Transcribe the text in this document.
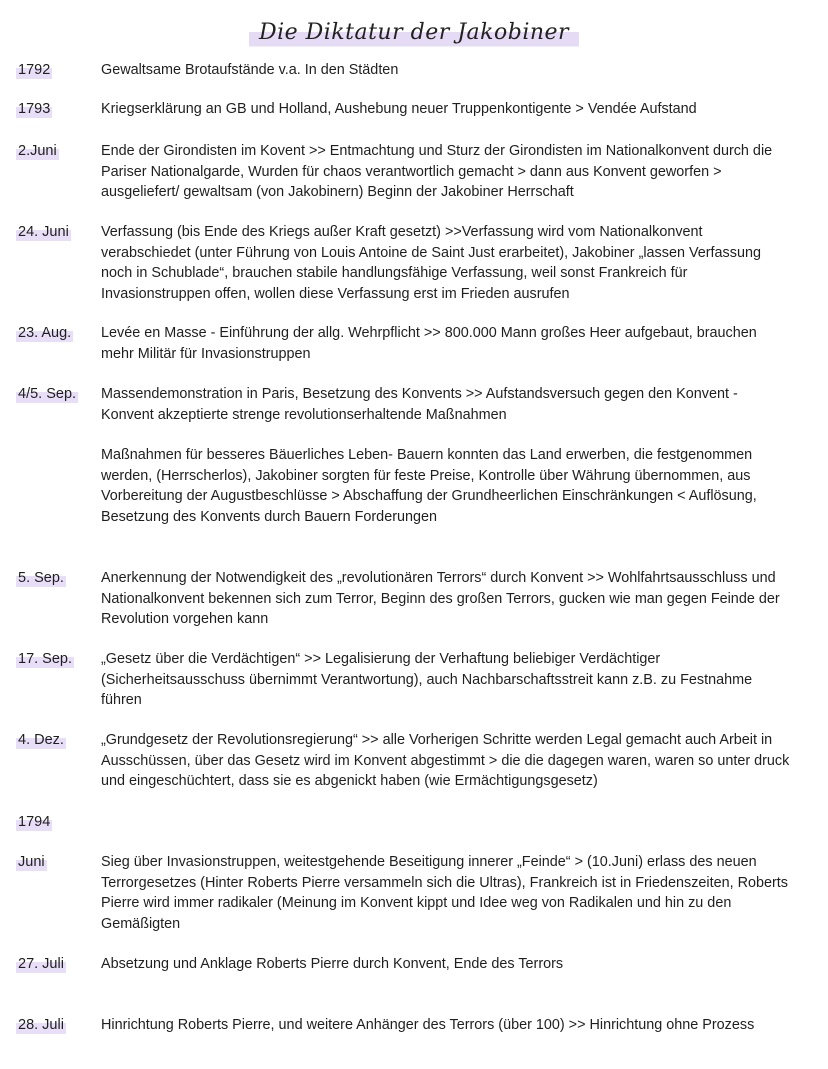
Die Diktatur der Jakobiner
1792	Gewaltsame Brotaufstände v.a. In den Städten
1793	Kriegserklärung an GB und Holland, Aushebung neuer Truppenkontigente > Vendée Aufstand
2.Juni	Ende der Girondisten im Kovent >> Entmachtung und Sturz der Girondisten im Nationalkonvent durch die Pariser Nationalgarde, Wurden für chaos verantwortlich gemacht > dann aus Konvent geworfen > ausgeliefert/ gewaltsam (von Jakobinern) Beginn der Jakobiner Herrschaft
24. Juni Verfassung (bis Ende des Kriegs außer Kraft gesetzt) >>Verfassung wird vom Nationalkonvent verabschiedet (unter Führung von Louis Antoine de Saint Just erarbeitet), Jakobiner „lassen Verfassung noch in Schublade“, brauchen stabile handlungsfähige Verfassung, weil sonst Frankreich für Invasionstruppen offen, wollen diese Verfassung erst im Frieden ausrufen
23. Aug. Levée en Masse - Einführung der allg. Wehrpflicht >> 800.000 Mann großes Heer aufgebaut, brauchen mehr Militär für Invasionstruppen
4/5. Sep. Massendemonstration in Paris, Besetzung des Konvents >> Aufstandsversuch gegen den Konvent - Konvent akzeptierte strenge revolutionserhaltende Maßnahmen
Maßnahmen für besseres Bäuerliches Leben- Bauern konnten das Land erwerben, die festgenommen werden, (Herrscherlos), Jakobiner sorgten für feste Preise, Kontrolle über Währung übernommen, aus Vorbereitung der Augustbeschlüsse > Abschaffung der Grundheerlichen Einschränkungen < Auflösung, Besetzung des Konvents durch Bauern Forderungen
5. Sep.	Anerkennung der Notwendigkeit des „revolutionären Terrors“ durch Konvent >> Wohlfahrtsausschluss und Nationalkonvent bekennen sich zum Terror, Beginn des großen Terrors, gucken wie man gegen Feinde der Revolution vorgehen kann
17. Sep. „Gesetz über die Verdächtigen“ >> Legalisierung der Verhaftung beliebiger Verdächtiger (Sicherheitsausschuss übernimmt Verantwortung), auch Nachbarschaftsstreit kann z.B. zu Festnahme führen
4. Dez.	„Grundgesetz der Revolutionsregierung“ >> alle Vorherigen Schritte werden Legal gemacht auch Arbeit in Ausschüssen, über das Gesetz wird im Konvent abgestimmt > die die dagegen waren, waren so unter druck und eingeschüchtert, dass sie es abgenickt haben (wie Ermächtigungsgesetz)
1794
Juni	Sieg über Invasionstruppen, weitestgehende Beseitigung innerer „Feinde“ > (10.Juni) erlass des neuen Terrorgesetzes (Hinter Roberts Pierre versammeln sich die Ultras), Frankreich ist in Friedenszeiten, Roberts Pierre wird immer radikaler (Meinung im Konvent kippt und Idee weg von Radikalen und hin zu den Gemäßigten
27. Juli	Absetzung und Anklage Roberts Pierre durch Konvent, Ende des Terrors
28. Juli	Hinrichtung Roberts Pierre, und weitere Anhänger des Terrors (über 100) >> Hinrichtung ohne Prozess
